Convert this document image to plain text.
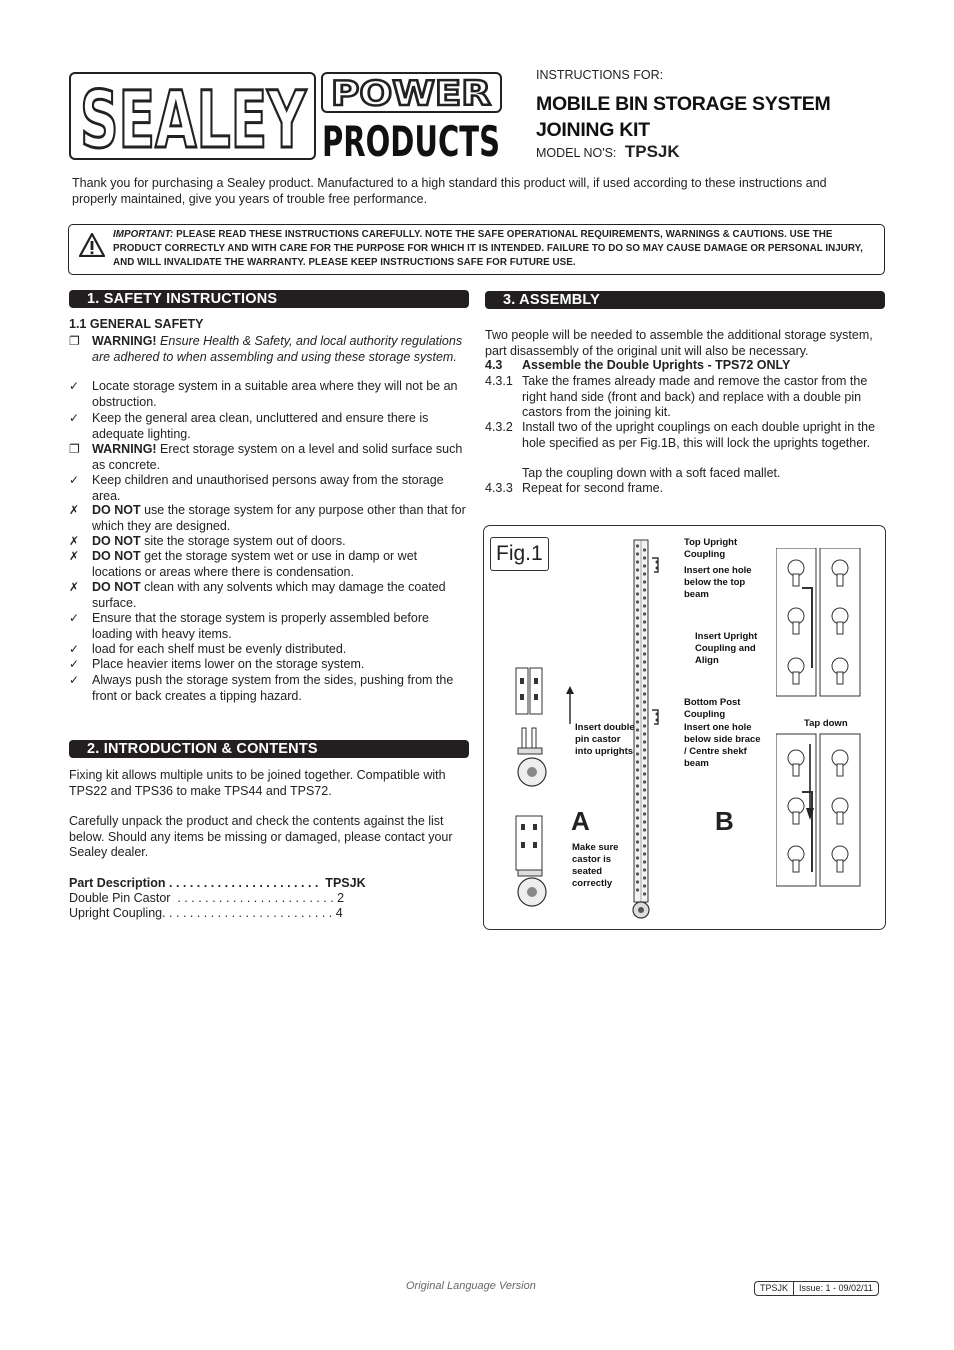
SEALEY POWER
PRODUCTS
INSTRUCTIONS FOR:
MOBILE BIN STORAGE SYSTEM
JOINING KIT
MODEL NO'S: TPSJK
Thank you for purchasing a Sealey product. Manufactured to a high standard this product will, if used according to these instructions and properly maintained, give you years of trouble free performance.
IMPORTANT: PLEASE READ THESE INSTRUCTIONS CAREFULLY. NOTE THE SAFE OPERATIONAL REQUIREMENTS, WARNINGS & CAUTIONS. USE THE PRODUCT CORRECTLY AND WITH CARE FOR THE PURPOSE FOR WHICH IT IS INTENDED. FAILURE TO DO SO MAY CAUSE DAMAGE OR PERSONAL INJURY, AND WILL INVALIDATE THE WARRANTY. PLEASE KEEP INSTRUCTIONS SAFE FOR FUTURE USE.
1. SAFETY INSTRUCTIONS
1.1 GENERAL SAFETY
❐ WARNING! Ensure Health & Safety, and local authority regulations are adhered to when assembling and using these storage system.
✓	Locate storage system in a suitable area where they will not be an obstruction.
✓	Keep the general area clean, uncluttered and ensure there is adequate lighting.
❐ WARNING! Erect storage system on a level and solid surface such as concrete.
✓	Keep children and unauthorised persons away from the storage area.
✗	DO NOT use the storage system for any purpose other than that for which they are designed.
✗	DO NOT site the storage system out of doors.
✗	DO NOT get the storage system wet or use in damp or wet locations or areas where there is condensation.
✗	DO NOT clean with any solvents which may damage the coated surface.
✓	Ensure that the storage system is properly assembled before loading with heavy items.
✓	load for each shelf must be evenly distributed.
✓	Place heavier items lower on the storage system.
✓	Always push the storage system from the sides, pushing from the front or back creates a tipping hazard.
2. INTRODUCTION & CONTENTS
Fixing kit allows multiple units to be joined together. Compatible with TPS22 and TPS36 to make TPS44 and TPS72.
Carefully unpack the product and check the contents against the list below. Should any items be missing or damaged, please contact your Sealey dealer.
Part Description . . . . . . . . . . . . . . . . . . . . . .  TPSJK
Double Pin Castor  . . . . . . . . . . . . . . . . . . . . . . . 2
Upright Coupling. . . . . . . . . . . . . . . . . . . . . . . . . 4
3. ASSEMBLY
Two people will be needed to assemble the additional storage system, part disassembly of the original unit will also be necessary.
4.3 Assemble the Double Uprights - TPS72 ONLY
4.3.1 Take the frames already made and remove the castor from the right hand side (front and back) and replace with a double pin castors from the joining kit.
4.3.2 Install two of the upright couplings on each double upright in the hole specified as per Fig.1B, this will lock the uprights together.
Tap the coupling down with a soft faced mallet.
4.3.3 Repeat for second frame.
Fig.1	Top Upright Coupling
Insert one hole below the top beam
Insert Upright Coupling and Align
Bottom Post Coupling
Insert one hole below side brace / Centre shekf beam
Tap down
Insert double pin castor into uprights
Make sure castor is seated correctly
A	B
Original Language Version	TPSJK	Issue: 1 - 09/02/11
